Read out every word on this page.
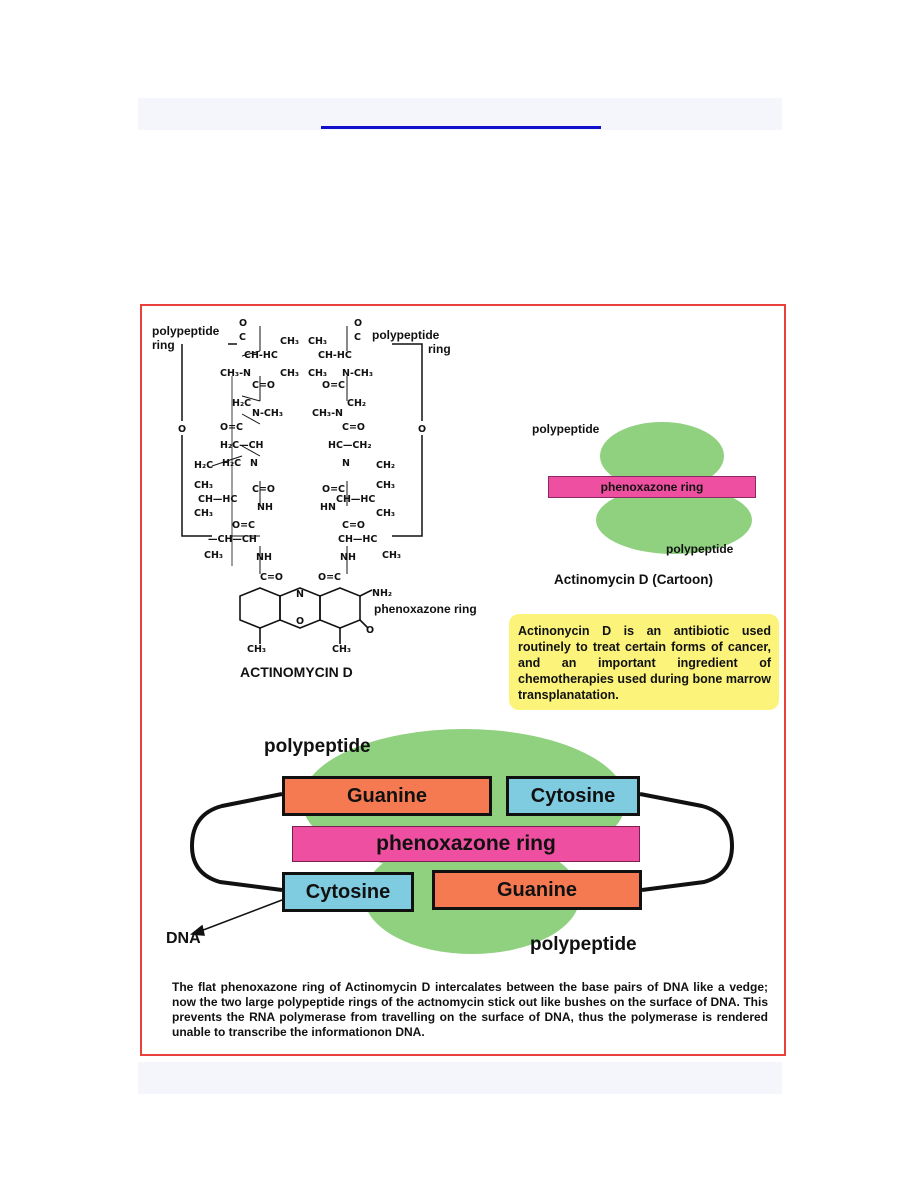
O	O
O
C
CH-HC
CH₃
CH₃-N	CH₃
C=O
H₂C
N-CH₃
O=C
H₂C—CH
H₂C H₂C N
CH₃	C=O
CH—HC
NH
CH₃
O=C
—CH—CH
CH₃	NH
C=O
O
C
CH₃
CH-HC
CH₃ N-CH₃
O=C
CH₂
CH₃-N
C=O
HC—CH₂
N	CH₂
CH₃
O=C
CH—HC
HN
CH₃
C=O
CH—HC
CH₃
NH
O=C
N
O
NH₂
O
CH₃	CH₃
polypeptide
ring
polypeptide
ring
phenoxazone ring
ACTINOMYCIN D
polypeptide
phenoxazone ring
polypeptide
Actinomycin D (Cartoon)
Actinonycin D is an antibiotic used routinely to treat certain forms of cancer, and an important ingredient of chemotherapies used during bone marrow transplanatation.
polypeptide
Guanine	Cytosine
phenoxazone ring
Cytosine	Guanine
DNA	polypeptide
The flat phenoxazone ring of Actinomycin D intercalates between the base pairs of DNA like a vedge; now the two large polypeptide rings of the actnomycin stick out like bushes on the surface of DNA. This prevents the RNA polymerase from travelling on the surface of DNA, thus the polymerase is rendered unable to transcribe the informationon DNA.
